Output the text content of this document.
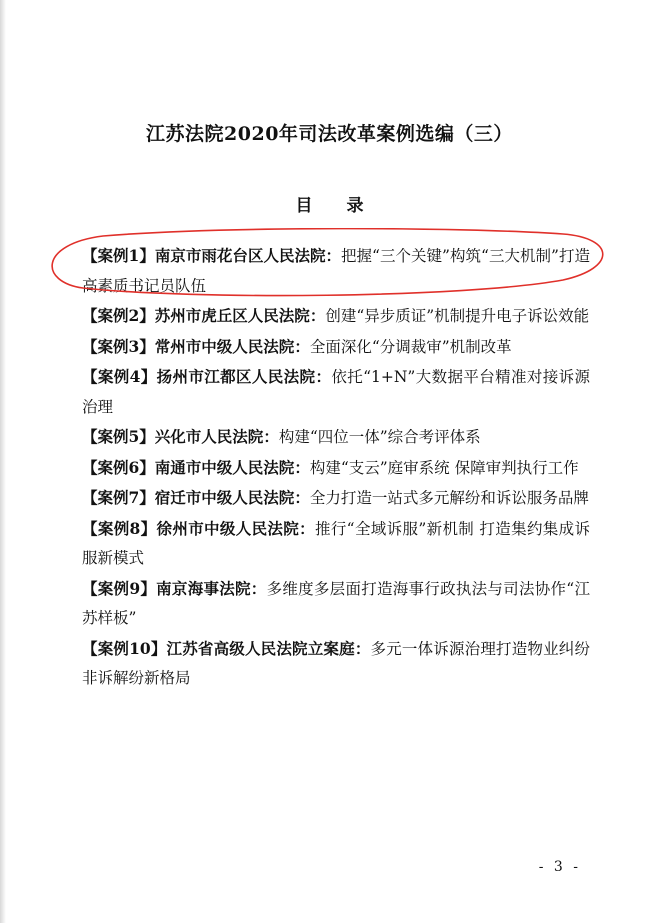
江苏法院2020年司法改革案例选编（三）
目 录
【案例1】南京市雨花台区人民法院：把握“三个关键”构筑“三大机制”打造高素质书记员队伍
【案例2】苏州市虎丘区人民法院：创建“异步质证”机制提升电子诉讼效能
【案例3】常州市中级人民法院：全面深化“分调裁审”机制改革
【案例4】扬州市江都区人民法院：依托“1+N”大数据平台精准对接诉源治理
【案例5】兴化市人民法院：构建“四位一体”综合考评体系
【案例6】南通市中级人民法院：构建“支云”庭审系统 保障审判执行工作
【案例7】宿迁市中级人民法院：全力打造一站式多元解纷和诉讼服务品牌
【案例8】徐州市中级人民法院：推行“全域诉服”新机制 打造集约集成诉服新模式
【案例9】南京海事法院：多维度多层面打造海事行政执法与司法协作“江苏样板”
【案例10】江苏省高级人民法院立案庭：多元一体诉源治理打造物业纠纷非诉解纷新格局
- 3 -
